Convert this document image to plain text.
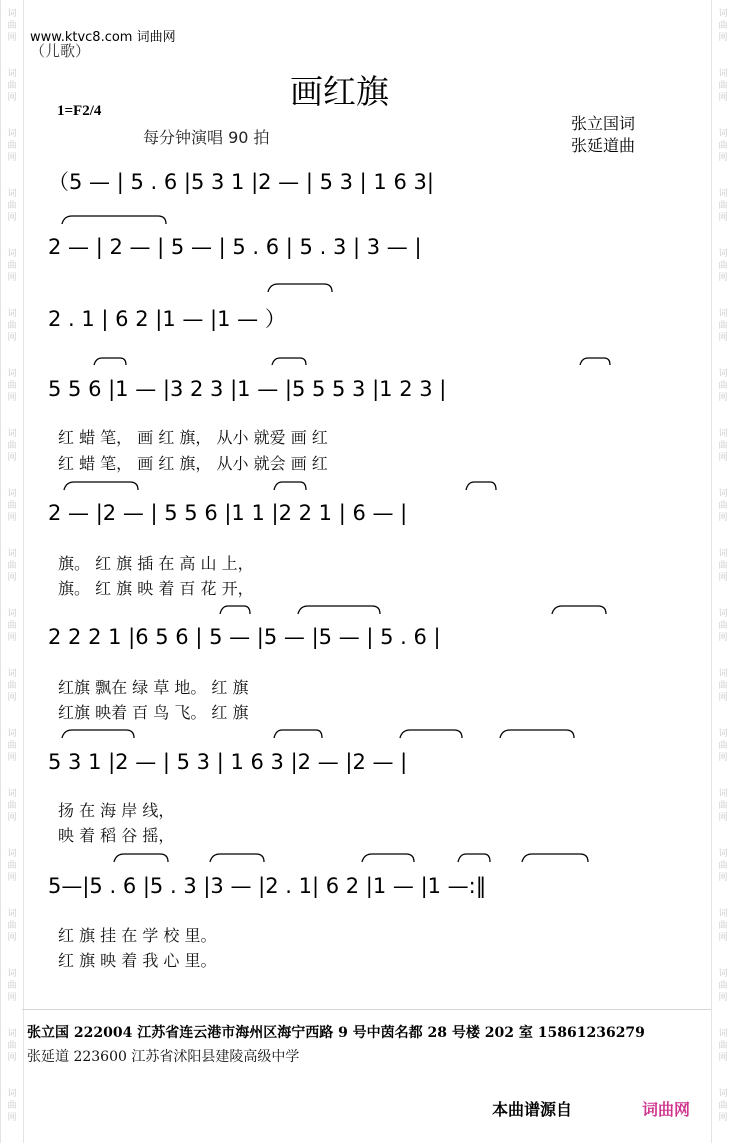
词
曲
网
词
曲
网
词
曲
网
词
曲
网
词
曲
网
词
曲
网
词
曲
网
词
曲
网
词
曲
网
词
曲
网
词
曲
网
词
曲
网
词
曲
网
词
曲
网
词
曲
网
词
曲
网
词
曲
网
词
曲
网
词
曲
网
词
曲
网
词
曲
网
词
曲
网
词
曲
网
词
曲
网
词
曲
网
词
曲
网
词
曲
网
词
曲
网
词
曲
网
词
曲
网
词
曲
网
词
曲
网
词
曲
网
词
曲
网
词
曲
网
词
曲
网
词
曲
网
词
曲
网
www.ktvc8.com 词曲网
（儿歌）
画红旗
1=F2/4
每分钟演唱 90 拍
张立国词
张延道曲
（5 — | 5 . 6 |5 3 1 |2 — | 5 3 | 1 6 3|
2 — | 2 — | 5 — | 5 . 6 | 5 . 3 | 3 — |
2 . 1 | 6 2 |1 — |1 — ）
5 5 6 |1 — |3 2 3 |1 — |5 5 5 3 |1 2 3 |
2 — |2 — | 5 5 6 |1 1 |2 2 1 | 6 — |
2 2 2 1 |6 5 6 | 5 — |5 — |5 — | 5 . 6 |
5 3 1 |2 — | 5 3 | 1 6 3 |2 — |2 — |
5—|5 . 6 |5 . 3 |3 — |2 . 1| 6 2 |1 — |1 —:‖
红 蜡 笔， 画 红 旗， 从小 就爱 画 红
红 蜡 笔， 画 红 旗， 从小 就会 画 红
旗。 红 旗 插 在 高 山 上，
旗。 红 旗 映 着 百 花 开，
红旗 飘在 绿 草 地。 红 旗
红旗 映着 百 鸟 飞。 红 旗
扬 在 海 岸 线，
映 着 稻 谷 摇，
红 旗 挂 在 学 校 里。
红 旗 映 着 我 心 里。
张立国 222004 江苏省连云港市海州区海宁西路 9 号中茵名都 28 号楼 202 室 15861236279
张延道 223600 江苏省沭阳县建陵高级中学
本曲谱源自	词曲网
